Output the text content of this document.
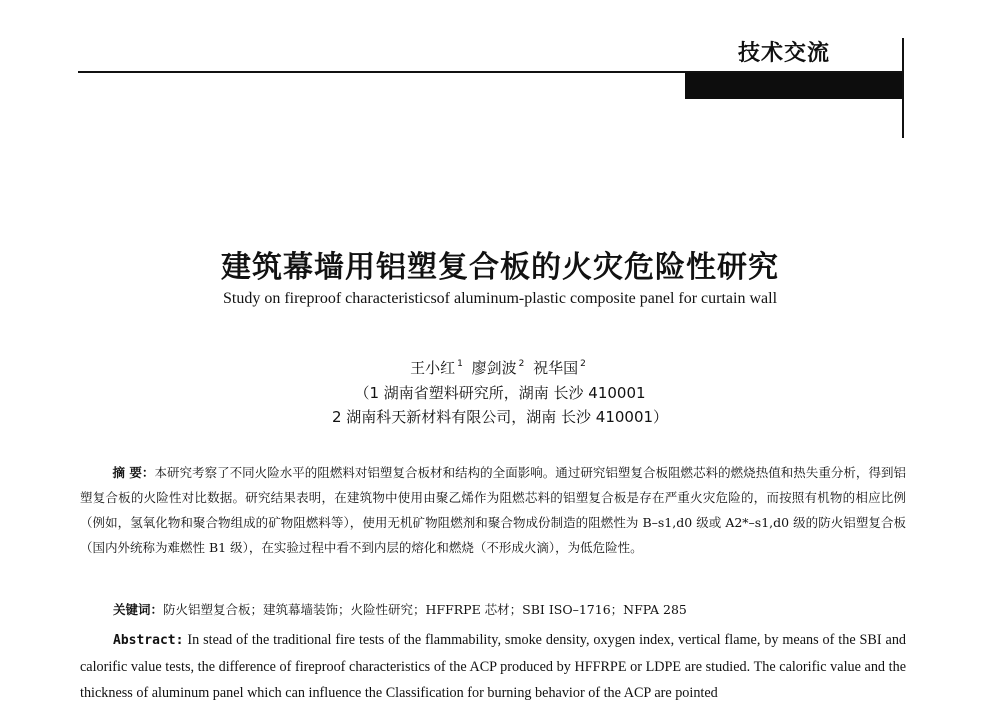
技术交流
建筑幕墙用铝塑复合板的火灾危险性研究
Study on fireproof characteristicsof aluminum-plastic composite panel for curtain wall
王小红 $^1$ 廖剑波 $^2$ 祝华国 $^2$
（1 湖南省塑料研究所，湖南 长沙 410001
2 湖南科天新材料有限公司，湖南 长沙 410001）
摘 要：本研究考察了不同火险水平的阻燃料对铝塑复合板材和结构的全面影响。通过研究铝塑复合板阻燃芯料的燃烧热值和热失重分析，得到铝塑复合板的火险性对比数据。研究结果表明，在建筑物中使用由聚乙烯作为阻燃芯料的铝塑复合板是存在严重火灾危险的，而按照有机物的相应比例（例如，氢氧化物和聚合物组成的矿物阻燃料等），使用无机矿物阻燃剂和聚合物成份制造的阻燃性为 B–s1,d0 级或 A2*–s1,d0 级的防火铝塑复合板（国内外统称为难燃性 B1 级），在实验过程中看不到内层的熔化和燃烧（不形成火滴），为低危险性。
关键词：防火铝塑复合板；建筑幕墙装饰；火险性研究；HFFRPE 芯材；SBI ISO–1716；NFPA 285
Abstract: In stead of the traditional fire tests of the flammability, smoke density, oxygen index, vertical flame, by means of the SBI and calorific value tests, the difference of fireproof characteristics of the ACP produced by HFFRPE or LDPE are studied. The calorific value and the thickness of aluminum panel which can influence the Classification for burning behavior of the ACP are pointed
